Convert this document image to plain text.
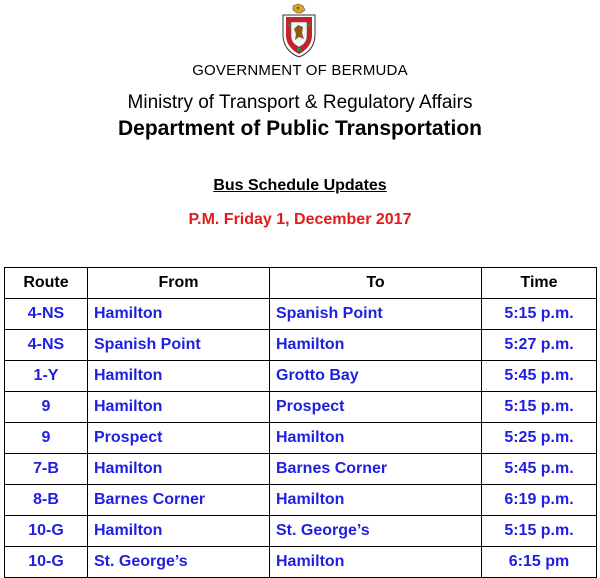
GOVERNMENT OF BERMUDA
Ministry of Transport & Regulatory Affairs
Department of Public Transportation
Bus Schedule Updates
P.M. Friday 1, December 2017
Route	From	To	Time
4-NS	Hamilton	Spanish Point	5:15 p.m.
4-NS	Spanish Point	Hamilton	5:27 p.m.
1-Y	Hamilton	Grotto Bay	5:45 p.m.
9	Hamilton	Prospect	5:15 p.m.
9	Prospect	Hamilton	5:25 p.m.
7-B	Hamilton	Barnes Corner	5:45 p.m.
8-B	Barnes Corner	Hamilton	6:19 p.m.
10-G	Hamilton	St. George’s	5:15 p.m.
10-G	St. George’s	Hamilton	6:15 pm
